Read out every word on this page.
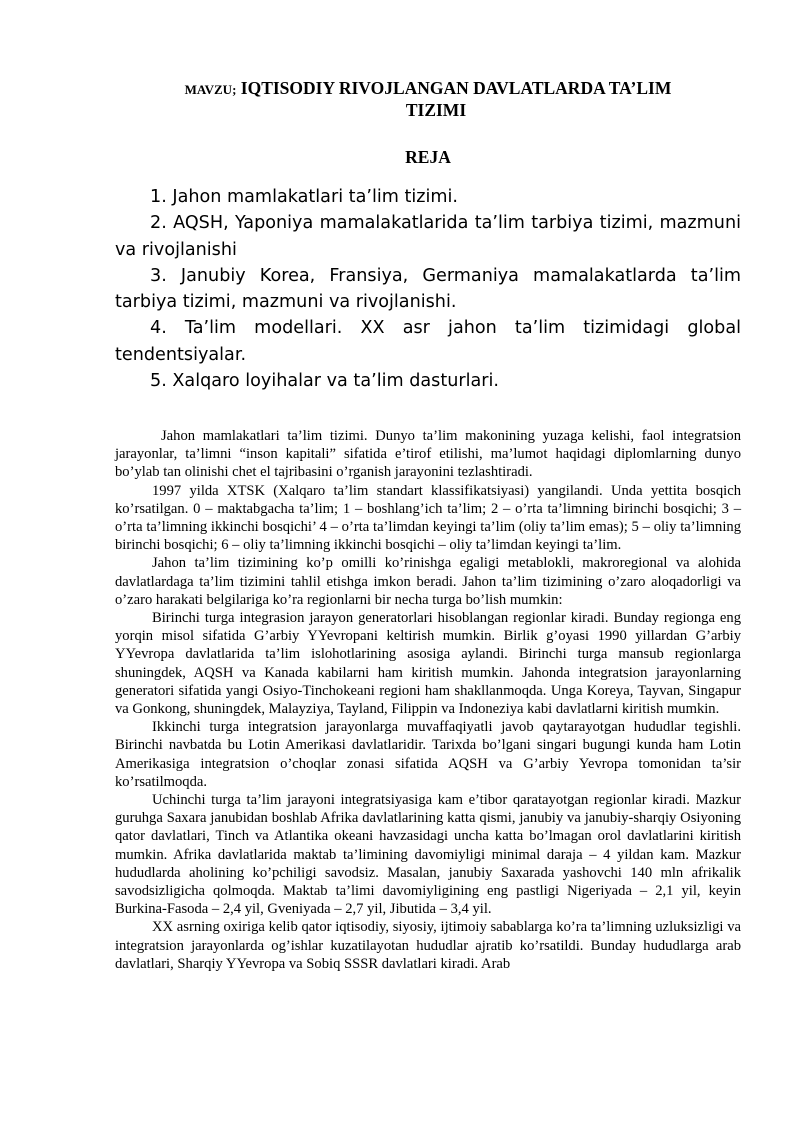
MAVZU; IQTISODIY RIVOJLANGAN DAVLATLARDA TA’LIM
TIZIMI
REJA
1. Jahon mamlakatlari ta’lim tizimi.
2. AQSH, Yaponiya mamalakatlarida ta’lim tarbiya tizimi, mazmuni va rivojlanishi
3. Janubiy Korea, Fransiya, Germaniya mamalakatlarda ta’lim tarbiya tizimi, mazmuni va rivojlanishi.
4. Ta’lim modellari. XX asr jahon ta’lim tizimidagi global tendentsiyalar.
5. Xalqaro loyihalar va ta’lim dasturlari.

Jahon mamlakatlari ta’lim tizimi. Dunyo ta’lim makonining yuzaga kelishi, faol integratsion jarayonlar, ta’limni “inson kapitali” sifatida e’tirof etilishi, ma’lumot haqidagi diplomlarning dunyo bo’ylab tan olinishi chet el tajribasini o’rganish jarayonini tezlashtiradi.

1997 yilda XTSK (Xalqaro ta’lim standart klassifikatsiyasi) yangilandi. Unda yettita bosqich ko’rsatilgan. 0 – maktabgacha ta’lim; 1 – boshlang’ich ta’lim; 2 – o’rta ta’limning birinchi bosqichi; 3 – o’rta ta’limning ikkinchi bosqichi’ 4 – o’rta ta’limdan keyingi ta’lim (oliy ta’lim emas); 5 – oliy ta’limning birinchi bosqichi; 6 – oliy ta’limning ikkinchi bosqichi – oliy ta’limdan keyingi ta’lim.

Jahon ta’lim tizimining ko’p omilli ko’rinishga egaligi metablokli, makroregional va alohida davlatlardaga ta’lim tizimini tahlil etishga imkon beradi. Jahon ta’lim tizimining o’zaro aloqadorligi va o’zaro harakati belgilariga ko’ra regionlarni bir necha turga bo’lish mumkin:

Birinchi turga integrasion jarayon generatorlari hisoblangan regionlar kiradi. Bunday regionga eng yorqin misol sifatida G’arbiy YYevropani keltirish mumkin. Birlik g’oyasi 1990 yillardan G’arbiy YYevropa davlatlarida ta’lim islohotlarining asosiga aylandi. Birinchi turga mansub regionlarga shuningdek, AQSH va Kanada kabilarni ham kiritish mumkin. Jahonda integratsion jarayonlarning generatori sifatida yangi Osiyo-Tinchokeani regioni ham shakllanmoqda. Unga Koreya, Tayvan, Singapur va Gonkong, shuningdek, Malayziya, Tayland, Filippin va Indoneziya kabi davlatlarni kiritish mumkin.

Ikkinchi turga integratsion jarayonlarga muvaffaqiyatli javob qaytarayotgan hududlar tegishli. Birinchi navbatda bu Lotin Amerikasi davlatlaridir. Tarixda bo’lgani singari bugungi kunda ham Lotin Amerikasiga integratsion o’choqlar zonasi sifatida AQSH va G’arbiy Yevropa tomonidan ta’sir ko’rsatilmoqda.

Uchinchi turga ta’lim jarayoni integratsiyasiga kam e’tibor qaratayotgan regionlar kiradi. Mazkur guruhga Saxara janubidan boshlab Afrika davlatlarining katta qismi, janubiy va janubiy-sharqiy Osiyoning qator davlatlari, Tinch va Atlantika okeani havzasidagi uncha katta bo’lmagan orol davlatlarini kiritish mumkin. Afrika davlatlarida maktab ta’limining davomiyligi minimal daraja – 4 yildan kam. Mazkur hududlarda aholining ko’pchiligi savodsiz. Masalan, janubiy Saxarada yashovchi 140 mln afrikalik savodsizligicha qolmoqda. Maktab ta’limi davomiyligining eng pastligi Nigeriyada – 2,1 yil, keyin Burkina-Fasoda – 2,4 yil, Gveniyada – 2,7 yil, Jibutida – 3,4 yil.

XX asrning oxiriga kelib qator iqtisodiy, siyosiy, ijtimoiy sabablarga ko’ra ta’limning uzluksizligi va integratsion jarayonlarda og’ishlar kuzatilayotan hududlar ajratib ko’rsatildi. Bunday hududlarga arab davlatlari, Sharqiy YYevropa va Sobiq SSSR davlatlari kiradi. Arab
